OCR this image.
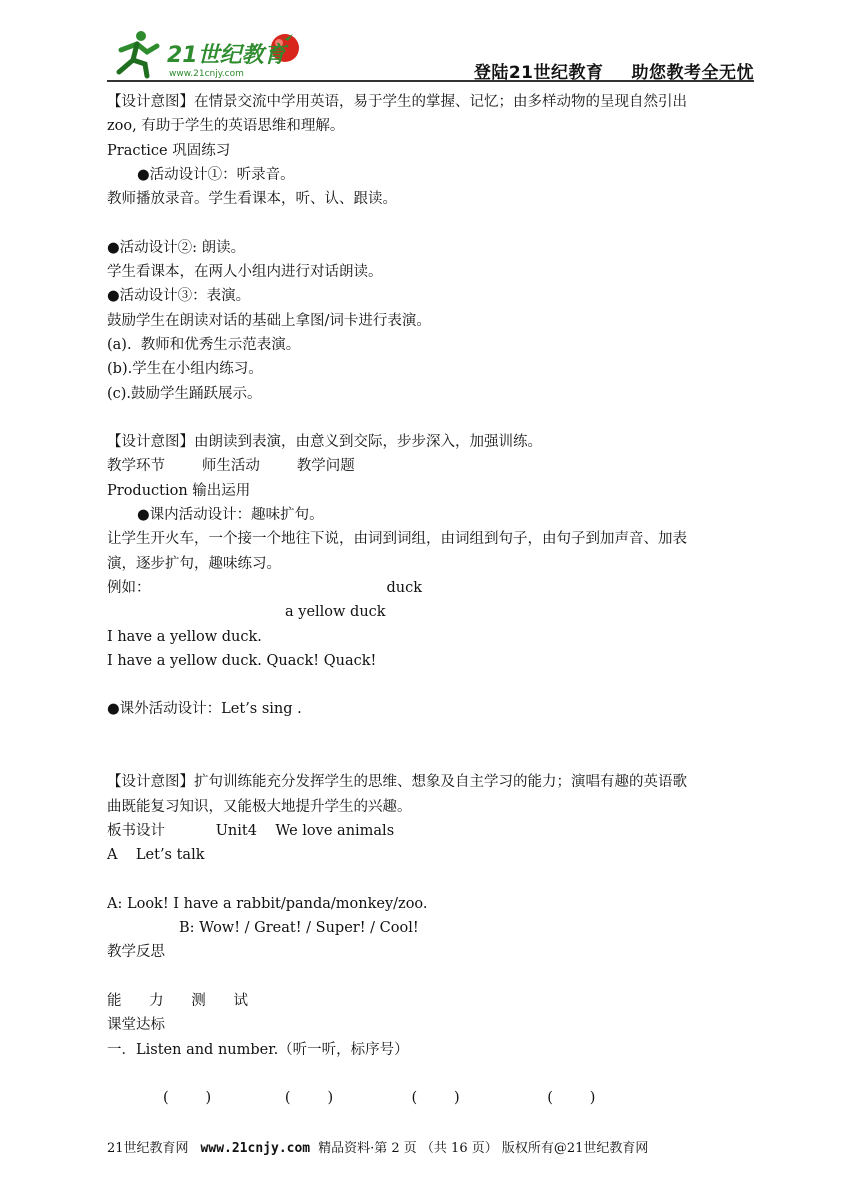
21世纪教育
www.21cnjy.com	登陆21世纪教育 助您教考全无忧
【设计意图】在情景交流中学用英语，易于学生的掌握、记忆；由多样动物的呈现自然引出
zoo, 有助于学生的英语思维和理解。
Practice 巩固练习
●活动设计①：听录音。
教师播放录音。学生看课本，听、认、跟读。
●活动设计②: 朗读。
学生看课本，在两人小组内进行对话朗读。
●活动设计③：表演。
鼓励学生在朗读对话的基础上拿图/词卡进行表演。
(a).  教师和优秀生示范表演。
(b).学生在小组内练习。
(c).鼓励学生踊跃展示。
【设计意图】由朗读到表演，由意义到交际，步步深入，加强训练。
教学环节        师生活动        教学问题
Production 输出运用
●课内活动设计：趣味扩句。
让学生开火车，一个接一个地往下说，由词到词组，由词组到句子，由句子到加声音、加表
演，逐步扩句，趣味练习。
例如：	duck
a yellow duck
I have a yellow duck.
I have a yellow duck. Quack! Quack!
●课外活动设计：Let’s sing .
【设计意图】扩句训练能充分发挥学生的思维、想象及自主学习的能力；演唱有趣的英语歌
曲既能复习知识，又能极大地提升学生的兴趣。
板书设计           Unit4    We love animals
A    Let’s talk
A: Look! I have a rabbit/panda/monkey/zoo.
B: Wow! / Great! / Super! / Cool!
教学反思
能      力      测      试
课堂达标
一．Listen and number.（听一听，标序号）
(        )                (        )                 (        )                   (        )
21世纪教育网 www.21cnjy.com 精品资料·第 2 页 （共 16 页） 版权所有@21世纪教育网
